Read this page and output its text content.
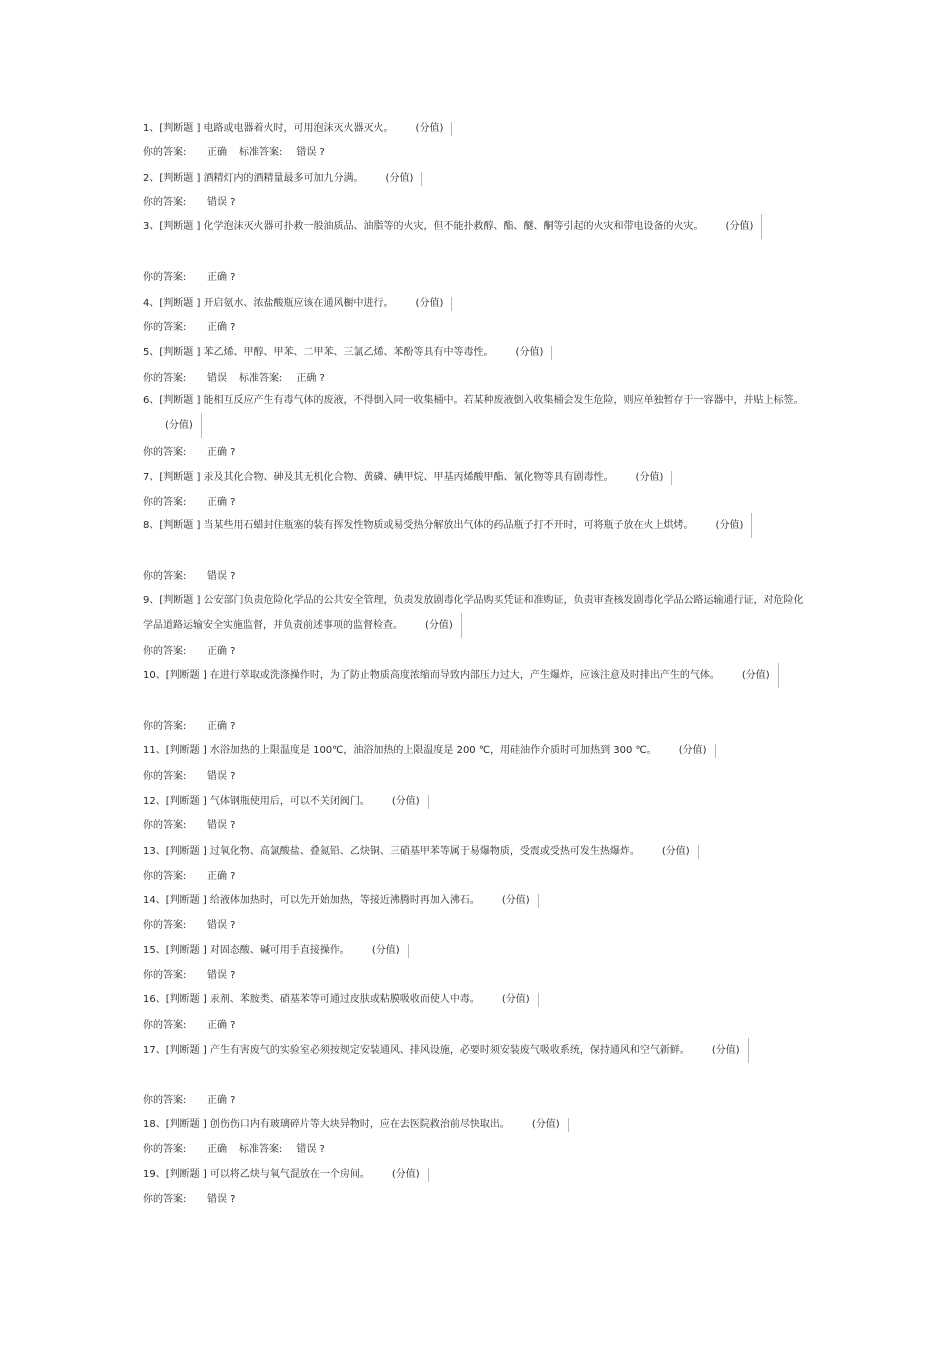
1、[判断题 ] 电路或电器着火时，可用泡沫灭火器灭火。 (分值)
你的答案: 正确 标准答案: 错误 ?
2、[判断题 ] 酒精灯内的酒精量最多可加九分满。 (分值)
你的答案: 错误 ?
3、[判断题 ] 化学泡沫灭火器可扑救一般油质品、油脂等的火灾，但不能扑救醇、酯、醚、酮等引起的火灾和带电设备的火灾。 (分值)
你的答案: 正确 ?
4、[判断题 ] 开启氨水、浓盐酸瓶应该在通风橱中进行。 (分值)
你的答案: 正确 ?
5、[判断题 ] 苯乙烯、甲醇、甲苯、二甲苯、三氯乙烯、苯酚等具有中等毒性。 (分值)
你的答案: 错误 标准答案: 正确 ?
6、[判断题 ] 能相互反应产生有毒气体的废液，不得倒入同一收集桶中。若某种废液倒入收集桶会发生危险，则应单独暂存于一容器中，并贴上标签。(分值)
你的答案: 正确 ?
7、[判断题 ] 汞及其化合物、砷及其无机化合物、黄磷、碘甲烷、甲基丙烯酸甲酯、氰化物等具有剧毒性。 (分值)
你的答案: 正确 ?
8、[判断题 ] 当某些用石蜡封住瓶塞的装有挥发性物质或易受热分解放出气体的药品瓶子打不开时，可将瓶子放在火上烘烤。 (分值)
你的答案: 错误 ?
9、[判断题 ] 公安部门负责危险化学品的公共安全管理，负责发放剧毒化学品购买凭证和准购证，负责审查核发剧毒化学品公路运输通行证，对危险化学品道路运输安全实施监督，并负责前述事项的监督检查。 (分值)
你的答案: 正确 ?
10、[判断题 ] 在进行萃取或洗涤操作时，为了防止物质高度浓缩而导致内部压力过大，产生爆炸，应该注意及时排出产生的气体。 (分值)
你的答案: 正确 ?
11、[判断题 ] 水浴加热的上限温度是 100℃，油浴加热的上限温度是 200 ℃，用硅油作介质时可加热到 300 ℃。 (分值)
你的答案: 错误 ?
12、[判断题 ] 气体钢瓶使用后，可以不关闭阀门。 (分值)
你的答案: 错误 ?
13、[判断题 ] 过氧化物、高氯酸盐、叠氮铅、乙炔铜、三硝基甲苯等属于易爆物质，受震或受热可发生热爆炸。 (分值)
你的答案: 正确 ?
14、[判断题 ] 给液体加热时，可以先开始加热，等接近沸腾时再加入沸石。 (分值)
你的答案: 错误 ?
15、[判断题 ] 对固态酸、碱可用手直接操作。 (分值)
你的答案: 错误 ?
16、[判断题 ] 汞剂、苯胺类、硝基苯等可通过皮肤或粘膜吸收而使人中毒。 (分值)
你的答案: 正确 ?
17、[判断题 ] 产生有害废气的实验室必须按规定安装通风、排风设施，必要时须安装废气吸收系统，保持通风和空气新鲜。 (分值)
你的答案: 正确 ?
18、[判断题 ] 创伤伤口内有玻璃碎片等大块异物时，应在去医院救治前尽快取出。 (分值)
你的答案: 正确 标准答案: 错误 ?
19、[判断题 ] 可以将乙炔与氧气混放在一个房间。 (分值)
你的答案: 错误 ?
